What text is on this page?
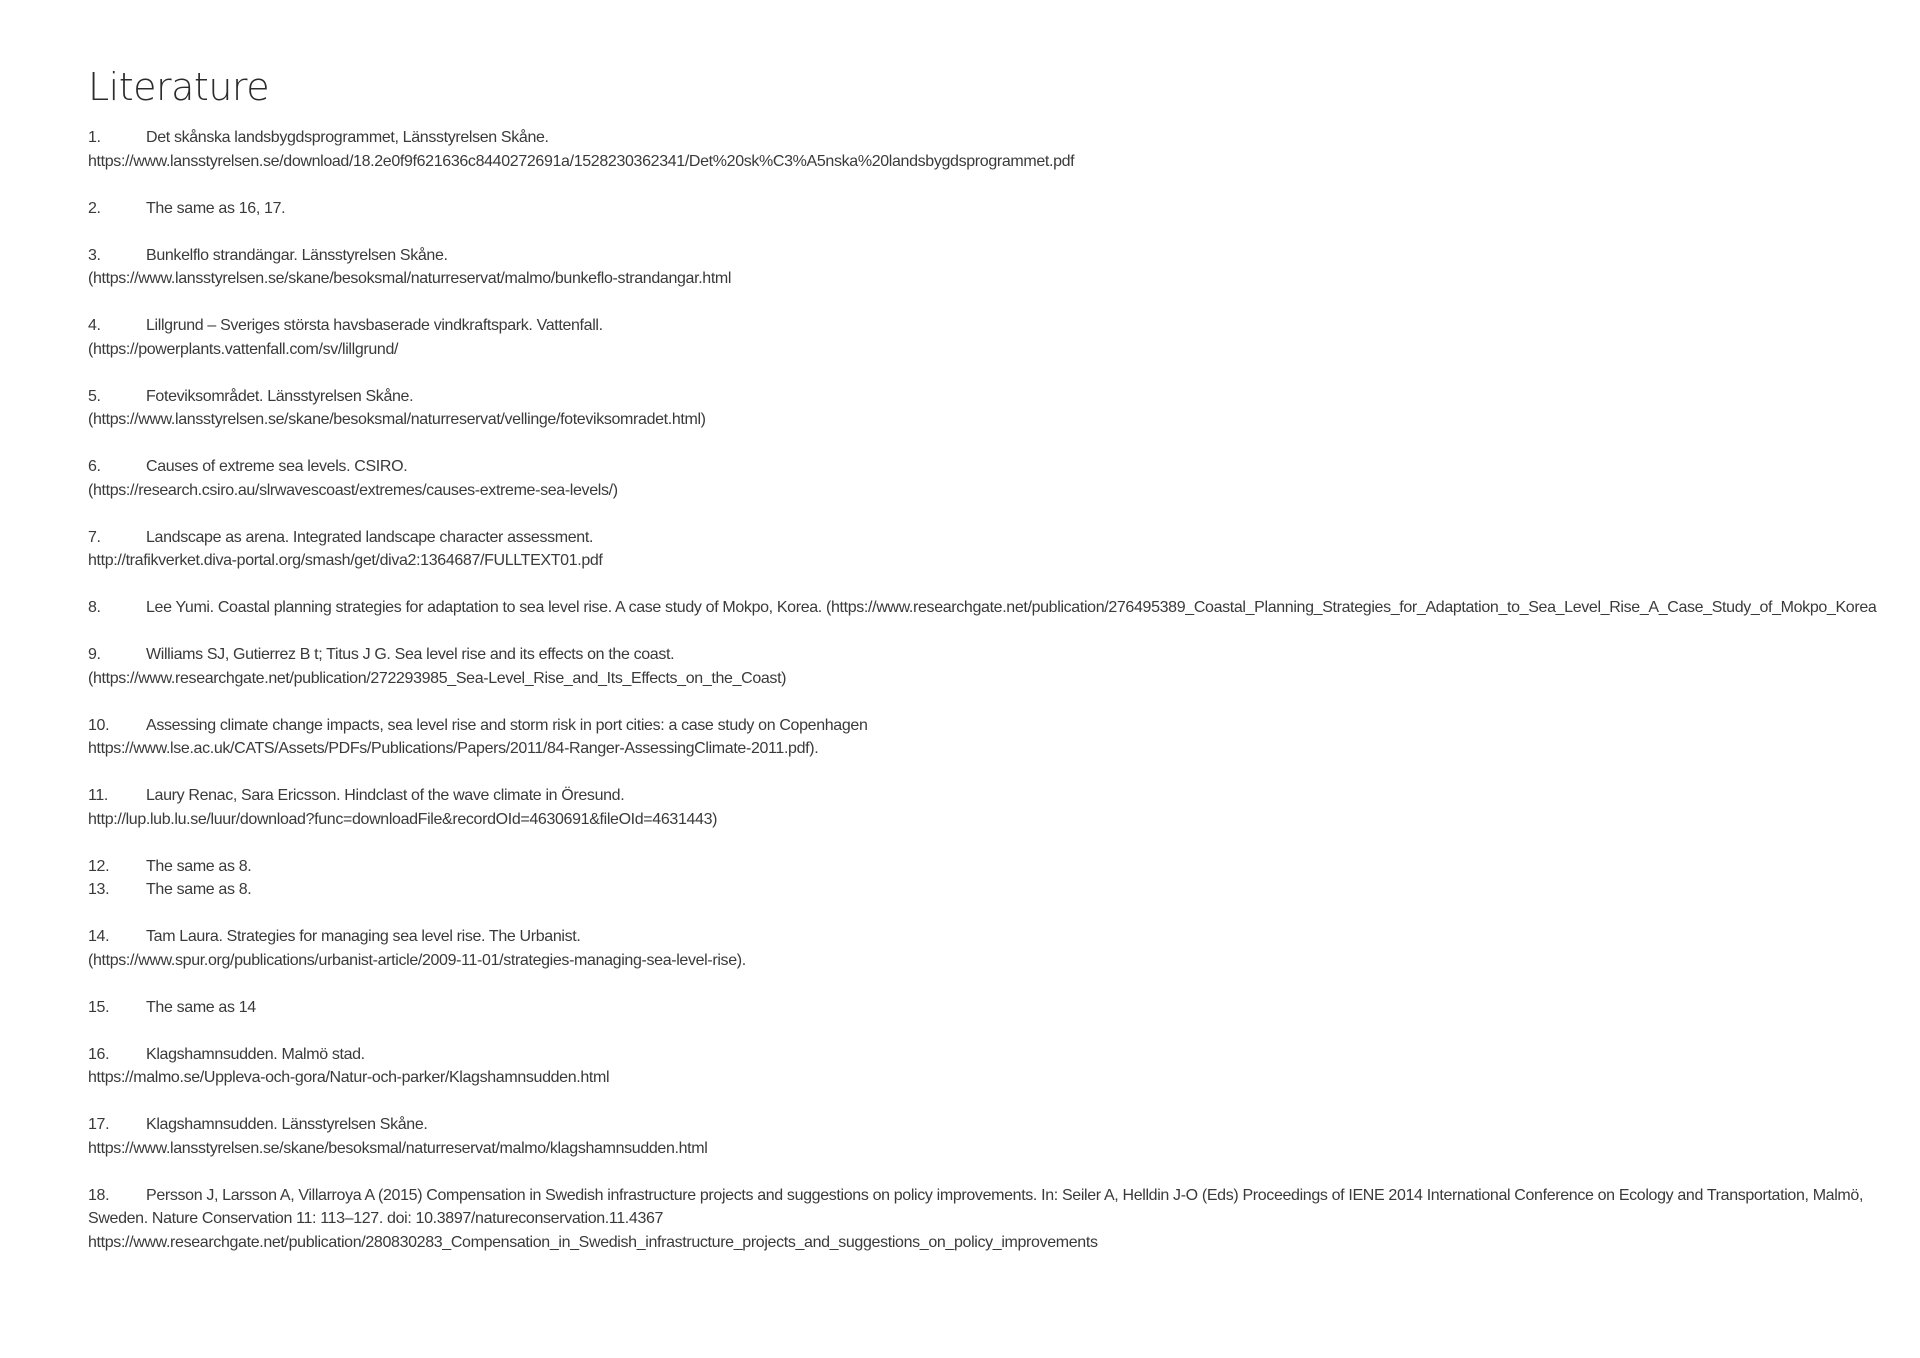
Literature
1.	Det skånska landsbygdsprogrammet, Länsstyrelsen Skåne.
https://www.lansstyrelsen.se/download/18.2e0f9f621636c8440272691a/1528230362341/Det%20sk%C3%A5nska%20landsbygdsprogrammet.pdf
2.	The same as 16, 17.
3.	Bunkelflo strandängar. Länsstyrelsen Skåne.
(https://www.lansstyrelsen.se/skane/besoksmal/naturreservat/malmo/bunkeflo-strandangar.html
4.	Lillgrund – Sveriges största havsbaserade vindkraftspark. Vattenfall.
(https://powerplants.vattenfall.com/sv/lillgrund/
5.	Foteviksområdet. Länsstyrelsen Skåne.
(https://www.lansstyrelsen.se/skane/besoksmal/naturreservat/vellinge/foteviksomradet.html)
6.	Causes of extreme sea levels. CSIRO.
(https://research.csiro.au/slrwavescoast/extremes/causes-extreme-sea-levels/)
7.	Landscape as arena. Integrated landscape character assessment.
http://trafikverket.diva-portal.org/smash/get/diva2:1364687/FULLTEXT01.pdf
8.	Lee Yumi. Coastal planning strategies for adaptation to sea level rise. A case study of Mokpo, Korea. (https://www.researchgate.net/publication/276495389_Coastal_Planning_Strategies_for_Adaptation_to_Sea_Level_Rise_A_Case_Study_of_Mokpo_Korea
9.	Williams SJ, Gutierrez B t; Titus J G. Sea level rise and its effects on the coast.
(https://www.researchgate.net/publication/272293985_Sea-Level_Rise_and_Its_Effects_on_the_Coast)
10. Assessing climate change impacts, sea level rise and storm risk in port cities: a case study on Copenhagen
https://www.lse.ac.uk/CATS/Assets/PDFs/Publications/Papers/2011/84-Ranger-AssessingClimate-2011.pdf).
11. Laury Renac, Sara Ericsson. Hindclast of the wave climate in Öresund.
http://lup.lub.lu.se/luur/download?func=downloadFile&recordOId=4630691&fileOId=4631443)
12. The same as 8.
13. The same as 8.
14. Tam Laura. Strategies for managing sea level rise. The Urbanist.
(https://www.spur.org/publications/urbanist-article/2009-11-01/strategies-managing-sea-level-rise).
15. The same as 14
16. Klagshamnsudden. Malmö stad.
https://malmo.se/Uppleva-och-gora/Natur-och-parker/Klagshamnsudden.html
17. Klagshamnsudden. Länsstyrelsen Skåne.
https://www.lansstyrelsen.se/skane/besoksmal/naturreservat/malmo/klagshamnsudden.html
18. Persson J, Larsson A, Villarroya A (2015) Compensation in Swedish infrastructure projects and suggestions on policy improvements. In: Seiler A, Helldin J-O (Eds) Proceedings of IENE 2014 International Conference on Ecology and Transportation, Malmö, Sweden. Nature Conservation 11: 113–127. doi: 10.3897/natureconservation.11.4367
https://www.researchgate.net/publication/280830283_Compensation_in_Swedish_infrastructure_projects_and_suggestions_on_policy_improvements
